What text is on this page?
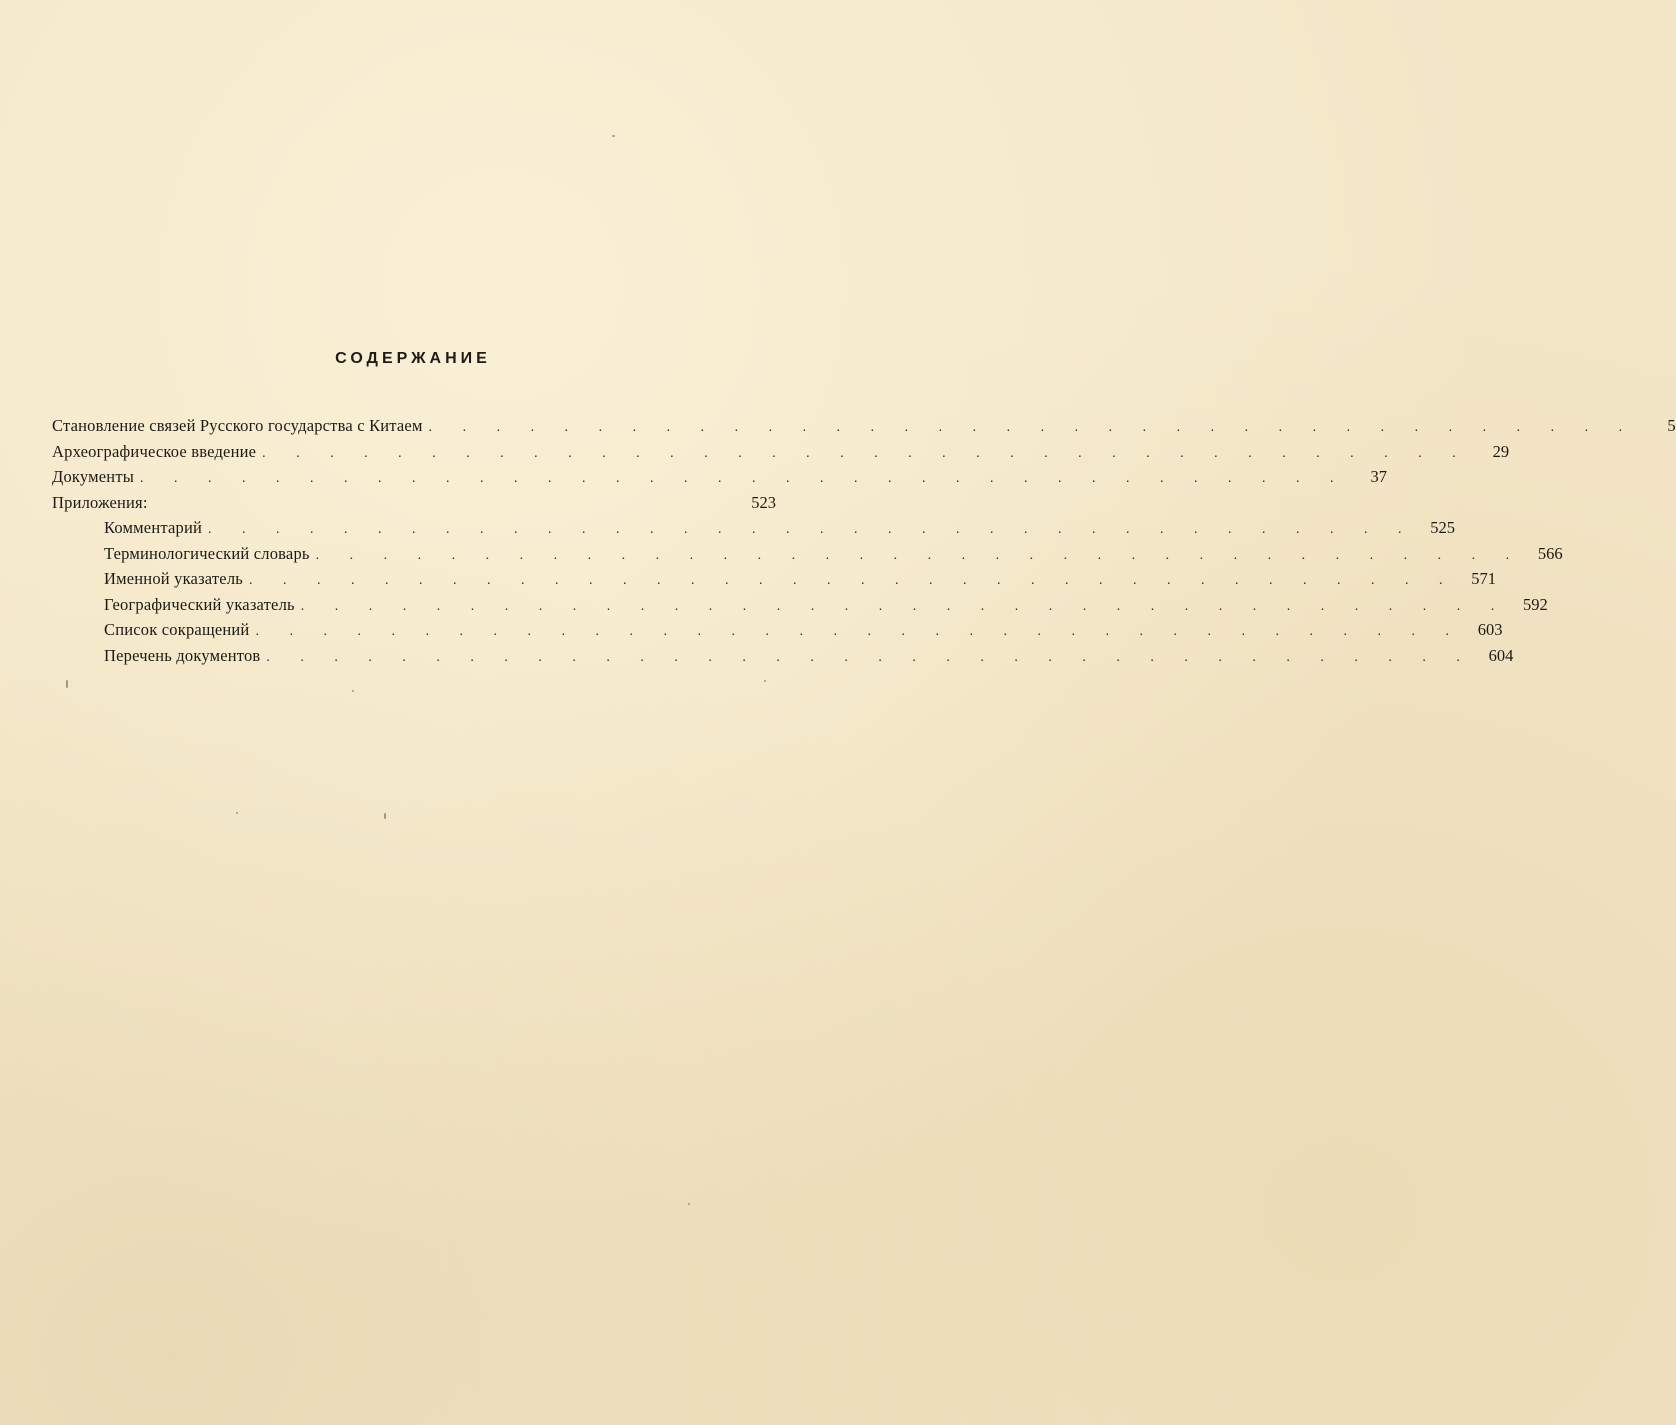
СОДЕРЖАНИЕ
Становление связей Русского государства с Китаем . . . . . . . . . . . . . . . . . . . . . . . . . . . . . . . . . . . .	5
Археографическое введение . . . . . . . . . . . . . . . . . . . . . . . . . . . . . . . . . . . .	29
Документы . . . . . . . . . . . . . . . . . . . . . . . . . . . . . . . . . . . .	37
Приложения:	523
Комментарий . . . . . . . . . . . . . . . . . . . . . . . . . . . . . . . . . . . . 525
Терминологический словарь . . . . . . . . . . . . . . . . . . . . . . . . . . . . . . . . . . . . 566
Именной указатель . . . . . . . . . . . . . . . . . . . . . . . . . . . . . . . . . . . . 571
Географический указатель . . . . . . . . . . . . . . . . . . . . . . . . . . . . . . . . . . . . 592
Список сокращений . . . . . . . . . . . . . . . . . . . . . . . . . . . . . . . . . . . . 603
Перечень документов . . . . . . . . . . . . . . . . . . . . . . . . . . . . . . . . . . . . 604
